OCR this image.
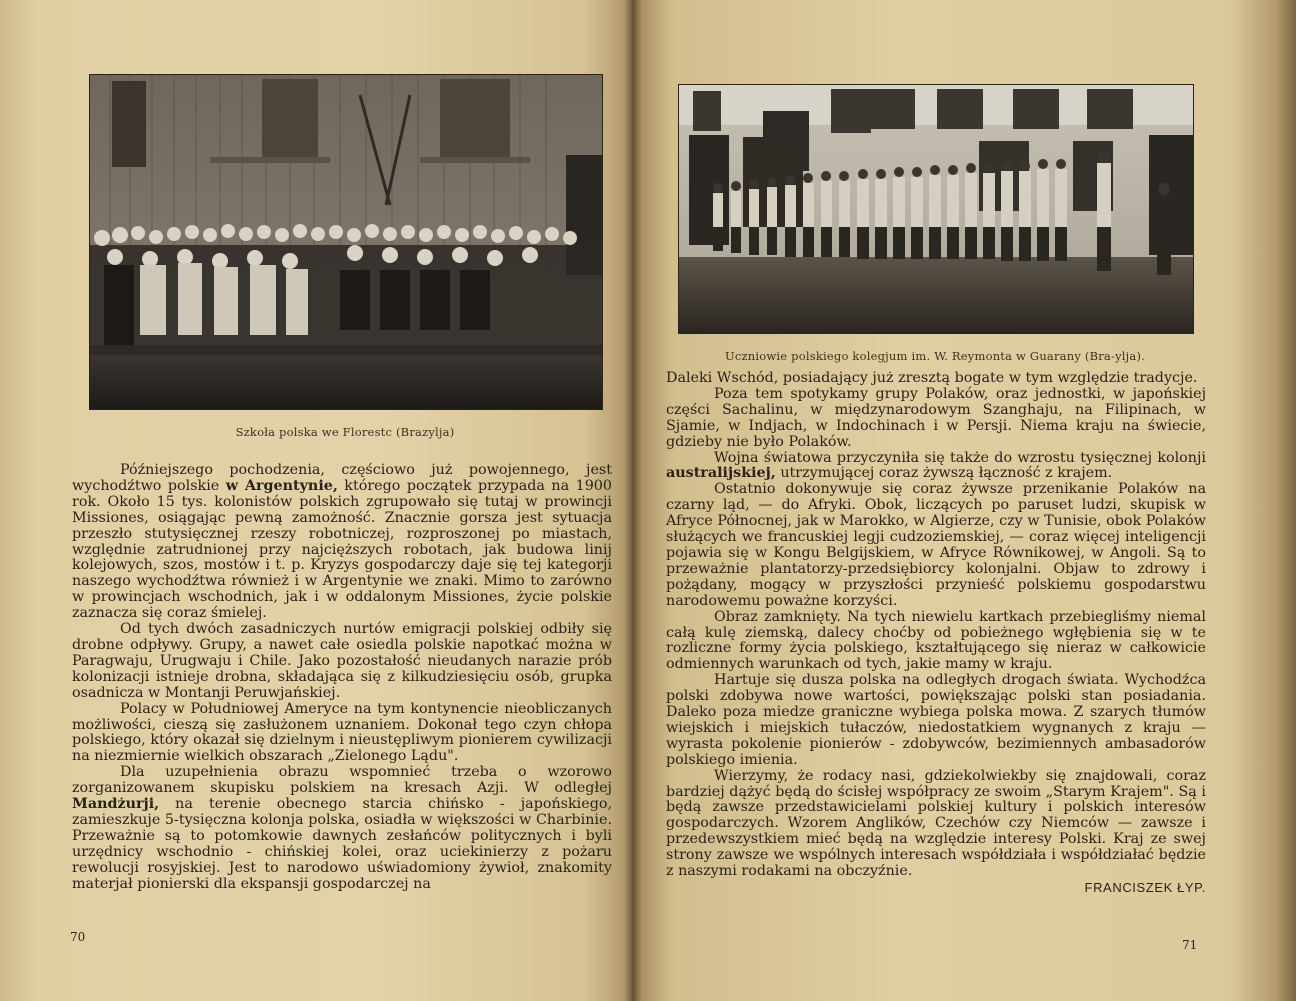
Szkoła polska we Florestc (Brazylja)

Późniejszego pochodzenia, częściowo już powojennego, jest wychodźtwo polskie w Argentynie, którego początek przypada na 1900 rok. Około 15 tys. kolonistów polskich zgrupowało się tutaj w prowincji Missiones, osiągając pewną zamożność. Znacznie gorsza jest sytuacja przeszło stutysięcznej rzeszy robotniczej, rozproszonej po miastach, względnie zatrudnionej przy najcięższych robotach, jak budowa linij kolejowych, szos, mostów i t. p. Kryzys gospodarczy daje się tej kategorji naszego wychodźtwa również i w Argentynie we znaki. Mimo to zarówno w prowincjach wschodnich, jak i w oddalonym Missiones, życie polskie zaznacza się coraz śmielej.

Od tych dwóch zasadniczych nurtów emigracji polskiej odbiły się drobne odpływy. Grupy, a nawet całe osiedla polskie napotkać można w Paragwaju, Urugwaju i Chile. Jako pozostałość nieudanych narazie prób kolonizacji istnieje drobna, składająca się z kilkudziesięciu osób, grupka osadnicza w Montanji Peruwjańskiej.

Polacy w Południowej Ameryce na tym kontynencie nieobliczanych możliwości, cieszą się zasłużonem uznaniem. Dokonał tego czyn chłopa polskiego, który okazał się dzielnym i nieustępliwym pionierem cywilizacji na niezmiernie wielkich obszarach „Zielonego Lądu".

Dla uzupełnienia obrazu wspomnieć trzeba o wzorowo zorganizowanem skupisku polskiem na kresach Azji. W odległej Mandżurji, na terenie obecnego starcia chińsko - japońskiego, zamieszkuje 5-tysięczna kolonja polska, osiadła w większości w Charbinie. Przeważnie są to potomkowie dawnych zesłańców politycznych i byli urzędnicy wschodnio - chińskiej kolei, oraz uciekinierzy z pożaru rewolucji rosyjskiej. Jest to narodowo uświadomiony żywioł, znakomity materjał pionierski dla ekspansji gospodarczej na

70
Uczniowie polskiego kolegjum im. W. Reymonta w Guarany (Bra-ylja).

Daleki Wschód, posiadający już zresztą bogate w tym względzie tradycje.

Poza tem spotykamy grupy Polaków, oraz jednostki, w japońskiej części Sachalinu, w międzynarodowym Szanghaju, na Filipinach, w Sjamie, w Indjach, w Indochinach i w Persji. Niema kraju na świecie, gdzieby nie było Polaków.

Wojna światowa przyczyniła się także do wzrostu tysięcznej kolonji australijskiej, utrzymującej coraz żywszą łączność z krajem.

Ostatnio dokonywuje się coraz żywsze przenikanie Polaków na czarny ląd, — do Afryki. Obok, liczących po paruset ludzi, skupisk w Afryce Północnej, jak w Marokko, w Algierze, czy w Tunisie, obok Polaków służących we francuskiej legji cudzoziemskiej, — coraz więcej inteligencji pojawia się w Kongu Belgijskiem, w Afryce Równikowej, w Angoli. Są to przeważnie plantatorzy-przedsiębiorcy kolonjalni. Objaw to zdrowy i pożądany, mogący w przyszłości przynieść polskiemu gospodarstwu narodowemu poważne korzyści.

Obraz zamknięty. Na tych niewielu kartkach przebiegliśmy niemal całą kulę ziemską, dalecy choćby od pobieżnego wgłębienia się w te rozliczne formy życia polskiego, kształtującego się nieraz w całkowicie odmiennych warunkach od tych, jakie mamy w kraju.

Hartuje się dusza polska na odległych drogach świata. Wychodźca polski zdobywa nowe wartości, powiększając polski stan posiadania. Daleko poza miedze graniczne wybiega polska mowa. Z szarych tłumów wiejskich i miejskich tułaczów, niedostatkiem wygnanych z kraju — wyrasta pokolenie pionierów - zdobywców, bezimiennych ambasadorów polskiego imienia.

Wierzymy, że rodacy nasi, gdziekolwiekby się znajdowali, coraz bardziej dążyć będą do ścisłej współpracy ze swoim „Starym Krajem". Są i będą zawsze przedstawicielami polskiej kultury i polskich interesów gospodarczych. Wzorem Anglików, Czechów czy Niemców — zawsze i przedewszystkiem mieć będą na względzie interesy Polski. Kraj ze swej strony zawsze we wspólnych interesach współdziała i współdziałać będzie z naszymi rodakami na obczyźnie.

FRANCISZEK ŁYP.
71
